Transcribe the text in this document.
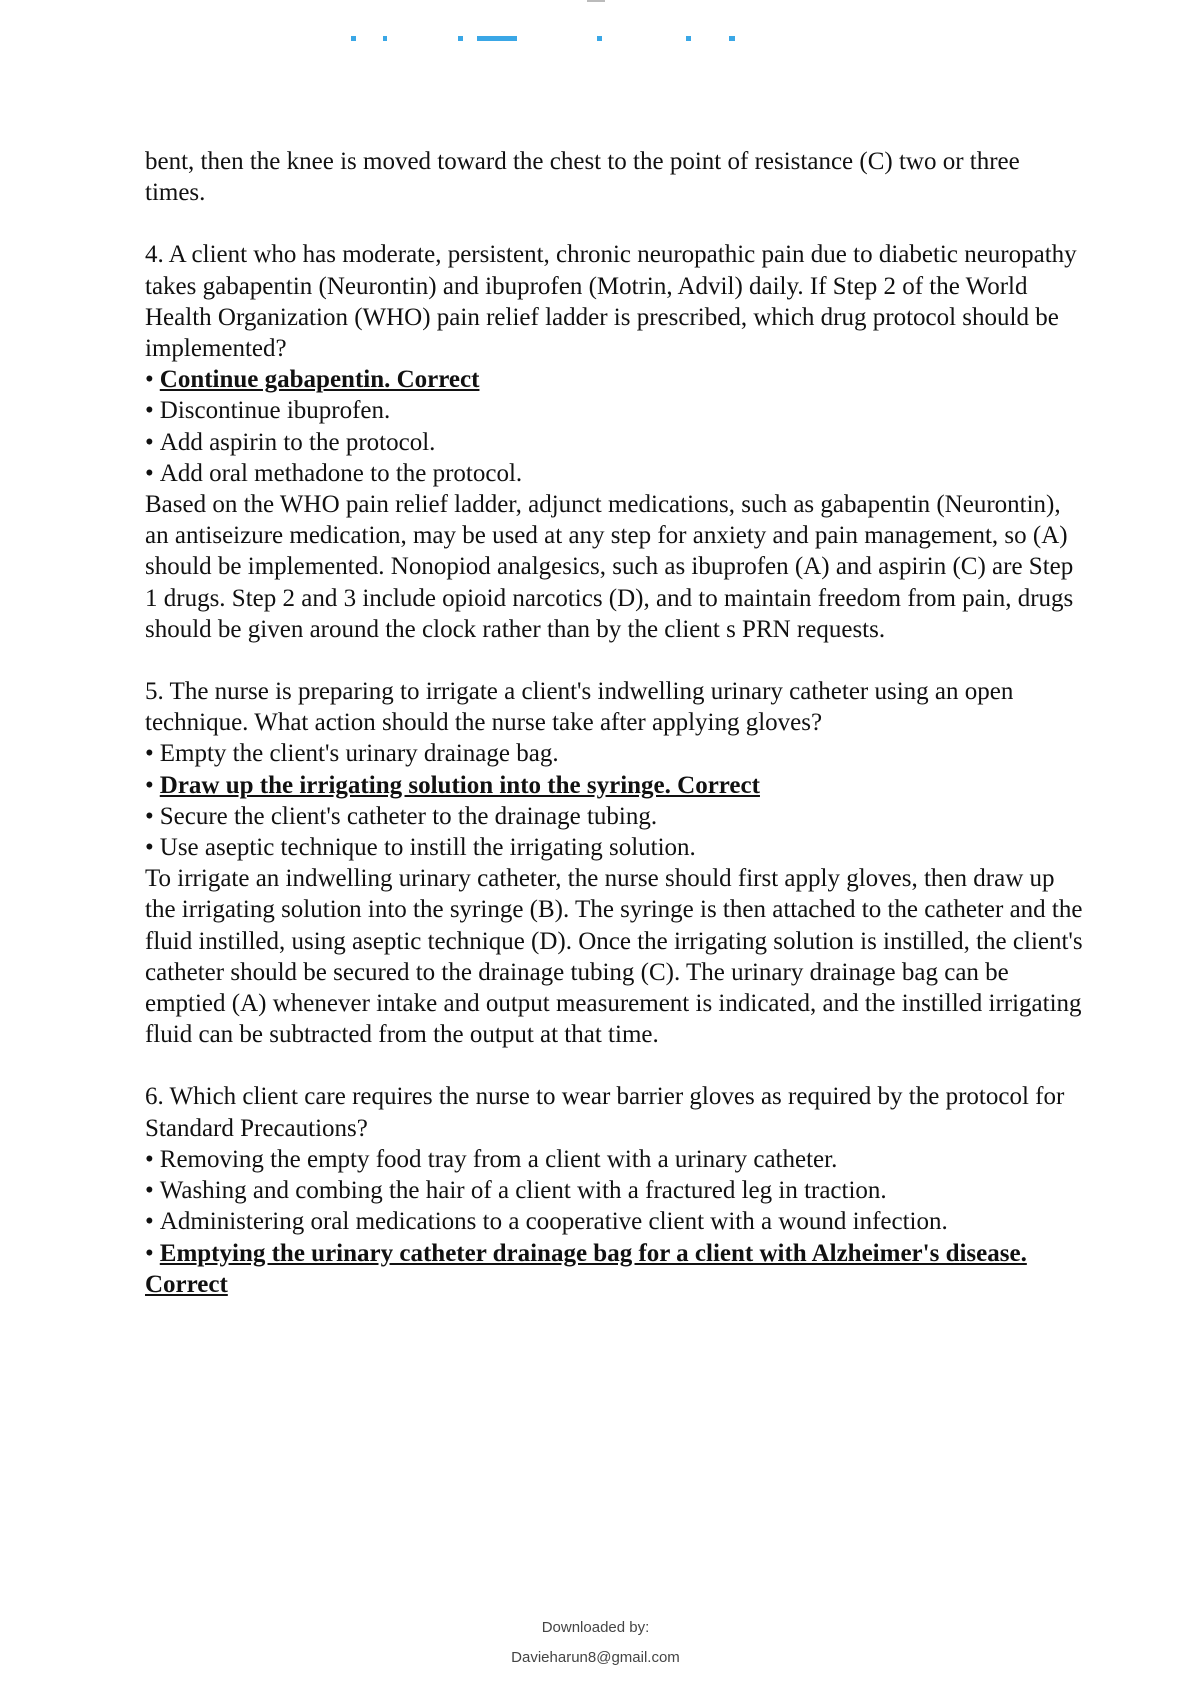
bent, then the knee is moved toward the chest to the point of resistance (C) two or three times.

4. A client who has moderate, persistent, chronic neuropathic pain due to diabetic neuropathy takes gabapentin (Neurontin) and ibuprofen (Motrin, Advil) daily. If Step 2 of the World Health Organization (WHO) pain relief ladder is prescribed, which drug protocol should be implemented?

• Continue gabapentin. Correct

• Discontinue ibuprofen.

• Add aspirin to the protocol.

• Add oral methadone to the protocol.

Based on the WHO pain relief ladder, adjunct medications, such as gabapentin (Neurontin), an antiseizure medication, may be used at any step for anxiety and pain management, so (A) should be implemented. Nonopiod analgesics, such as ibuprofen (A) and aspirin (C) are Step 1 drugs. Step 2 and 3 include opioid narcotics (D), and to maintain freedom from pain, drugs should be given around the clock rather than by the client s PRN requests.

5. The nurse is preparing to irrigate a client's indwelling urinary catheter using an open technique. What action should the nurse take after applying gloves?

• Empty the client's urinary drainage bag.

• Draw up the irrigating solution into the syringe. Correct

• Secure the client's catheter to the drainage tubing.

• Use aseptic technique to instill the irrigating solution.

To irrigate an indwelling urinary catheter, the nurse should first apply gloves, then draw up the irrigating solution into the syringe (B). The syringe is then attached to the catheter and the fluid instilled, using aseptic technique (D). Once the irrigating solution is instilled, the client's catheter should be secured to the drainage tubing (C). The urinary drainage bag can be emptied (A) whenever intake and output measurement is indicated, and the instilled irrigating fluid can be subtracted from the output at that time.

6. Which client care requires the nurse to wear barrier gloves as required by the protocol for Standard Precautions?

• Removing the empty food tray from a client with a urinary catheter.

• Washing and combing the hair of a client with a fractured leg in traction.

• Administering oral medications to a cooperative client with a wound infection.

• Emptying the urinary catheter drainage bag for a client with Alzheimer's disease. Correct

Downloaded by:
Davieharun8@gmail.com
